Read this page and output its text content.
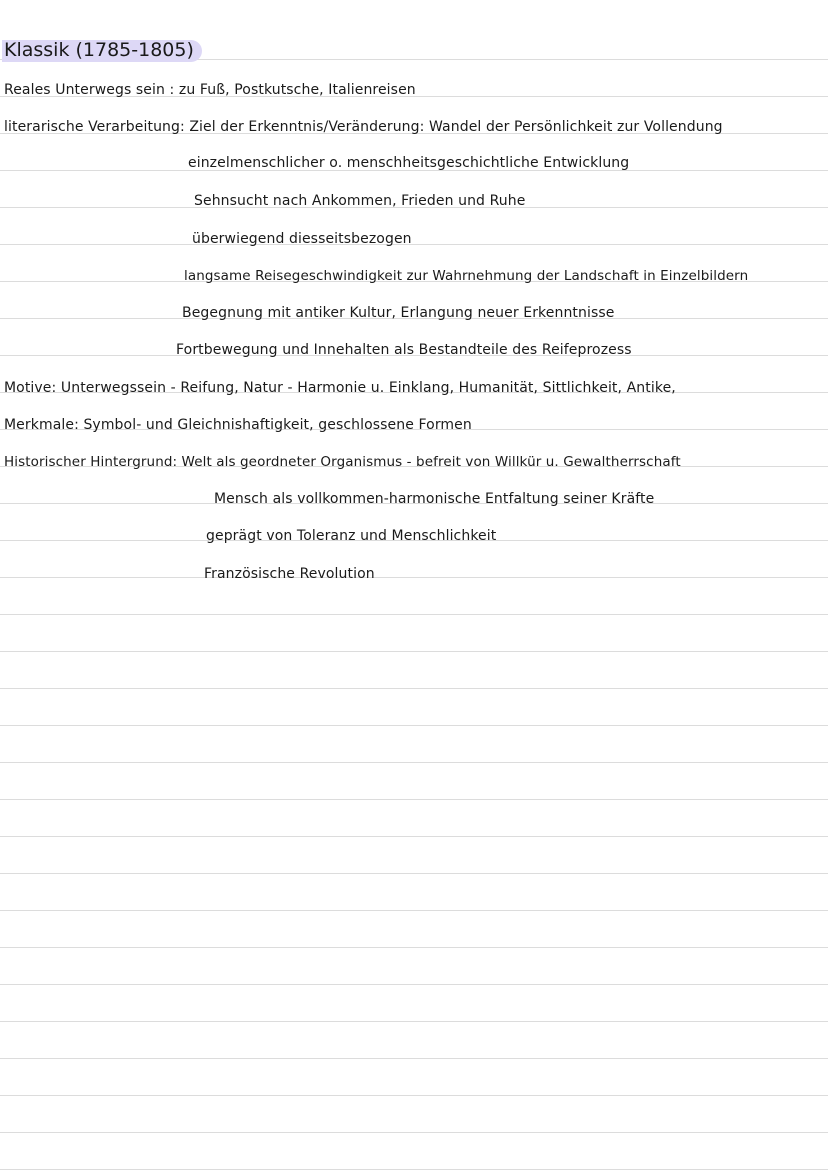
Klassik (1785-1805)
Reales Unterwegs sein : zu Fuß, Postkutsche, Italienreisen
literarische Verarbeitung: Ziel der Erkenntnis/Veränderung: Wandel der Persönlichkeit zur Vollendung
einzelmenschlicher o. menschheitsgeschichtliche Entwicklung
Sehnsucht nach Ankommen, Frieden und Ruhe
überwiegend diesseitsbezogen
langsame Reisegeschwindigkeit zur Wahrnehmung der Landschaft in Einzelbildern
Begegnung mit antiker Kultur, Erlangung neuer Erkenntnisse
Fortbewegung und Innehalten als Bestandteile des Reifeprozess
Motive: Unterwegssein - Reifung, Natur - Harmonie u. Einklang, Humanität, Sittlichkeit, Antike,
Merkmale: Symbol- und Gleichnishaftigkeit, geschlossene Formen
Historischer Hintergrund: Welt als geordneter Organismus - befreit von Willkür u. Gewaltherrschaft
Mensch als vollkommen-harmonische Entfaltung seiner Kräfte
geprägt von Toleranz und Menschlichkeit
Französische Revolution
